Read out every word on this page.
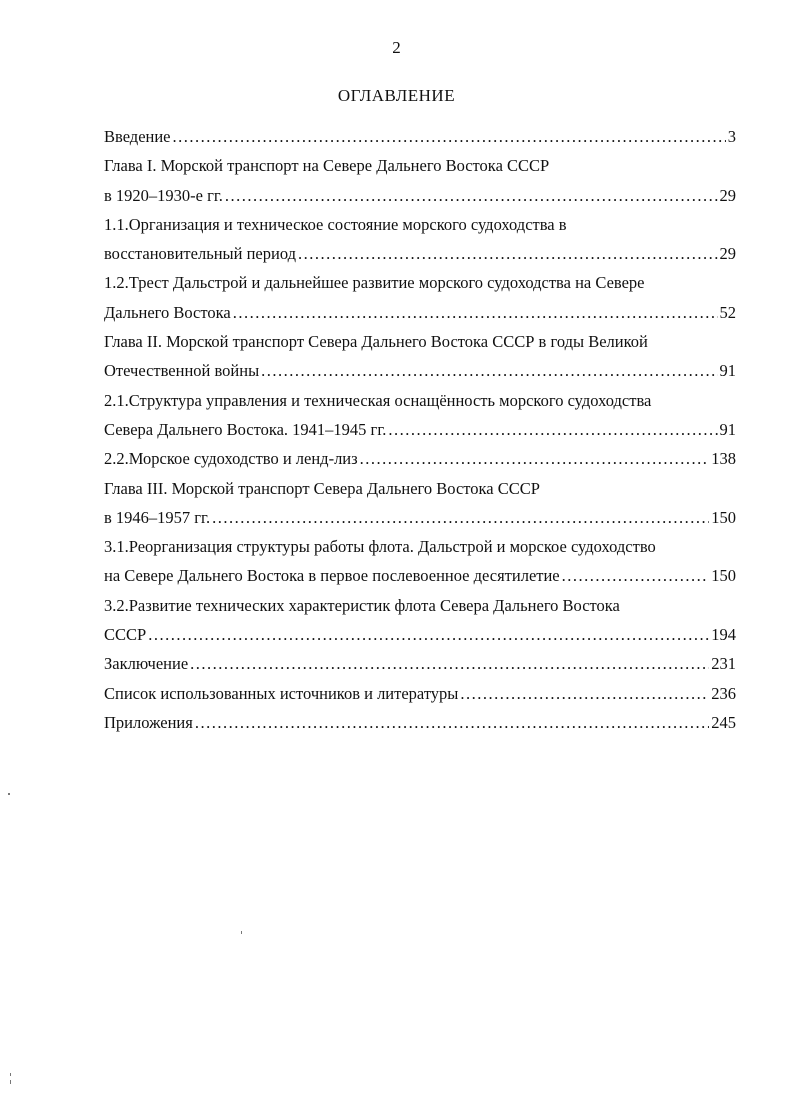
2
ОГЛАВЛЕНИЕ
Введение .....	3
Глава I. Морской транспорт на Севере Дальнего Востока СССР
в 1920–1930-е гг. .....	29
1.1.Организация и техническое состояние морского судоходства в
восстановительный период .....	29
1.2.Трест Дальстрой и дальнейшее развитие морского судоходства на Севере
Дальнего Востока .....	52
Глава II. Морской транспорт Севера Дальнего Востока СССР в годы Великой
Отечественной войны .....	91
2.1.Структура управления и техническая оснащённость морского судоходства
Севера Дальнего Востока. 1941–1945 гг. .....	91
2.2.Морское судоходство и ленд-лиз .....	138
Глава III. Морской транспорт Севера Дальнего Востока СССР
в 1946–1957 гг. .....	150
3.1.Реорганизация структуры работы флота. Дальстрой и морское судоходство
на Севере Дальнего Востока в первое послевоенное десятилетие .....	150
3.2.Развитие технических характеристик флота Севера Дальнего Востока
СССР .....	194
Заключение .....	231
Список использованных источников и литературы .....	236
Приложения .....	245
